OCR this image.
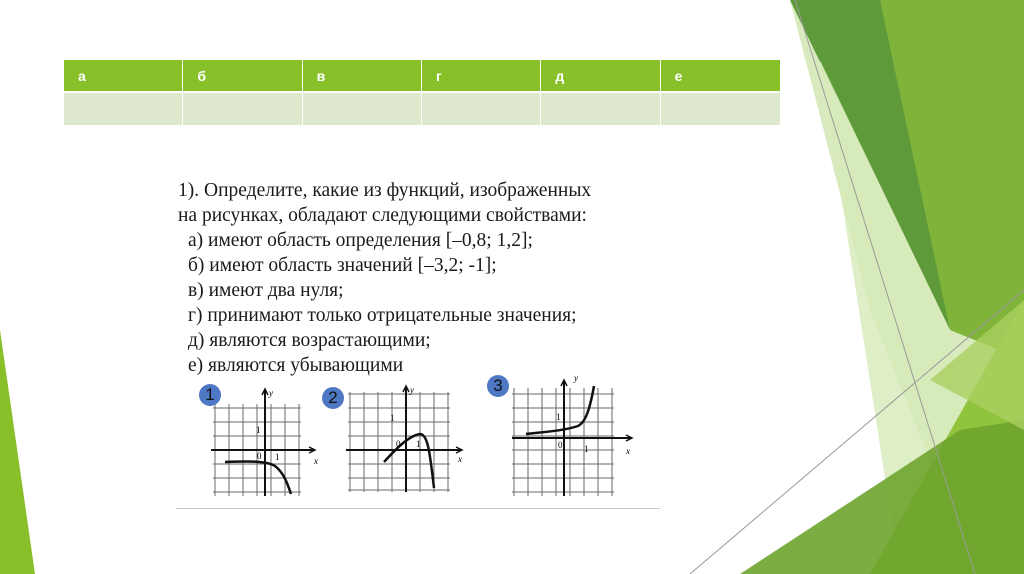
а	б	в	г	д	е

1). Определите, какие из функций, изображенных
на рисунках, обладают следующими свойствами:
а) имеют область определения [–0,8; 1,2];
б) имеют область значений [–3,2; -1];
в) имеют два нуля;
г) принимают только отрицательные значения;
д) являются возрастающими;
е) являются убывающими
1	y
x
1
0 1
2
1
0 1
x
y	3	y
1
0 1	x
